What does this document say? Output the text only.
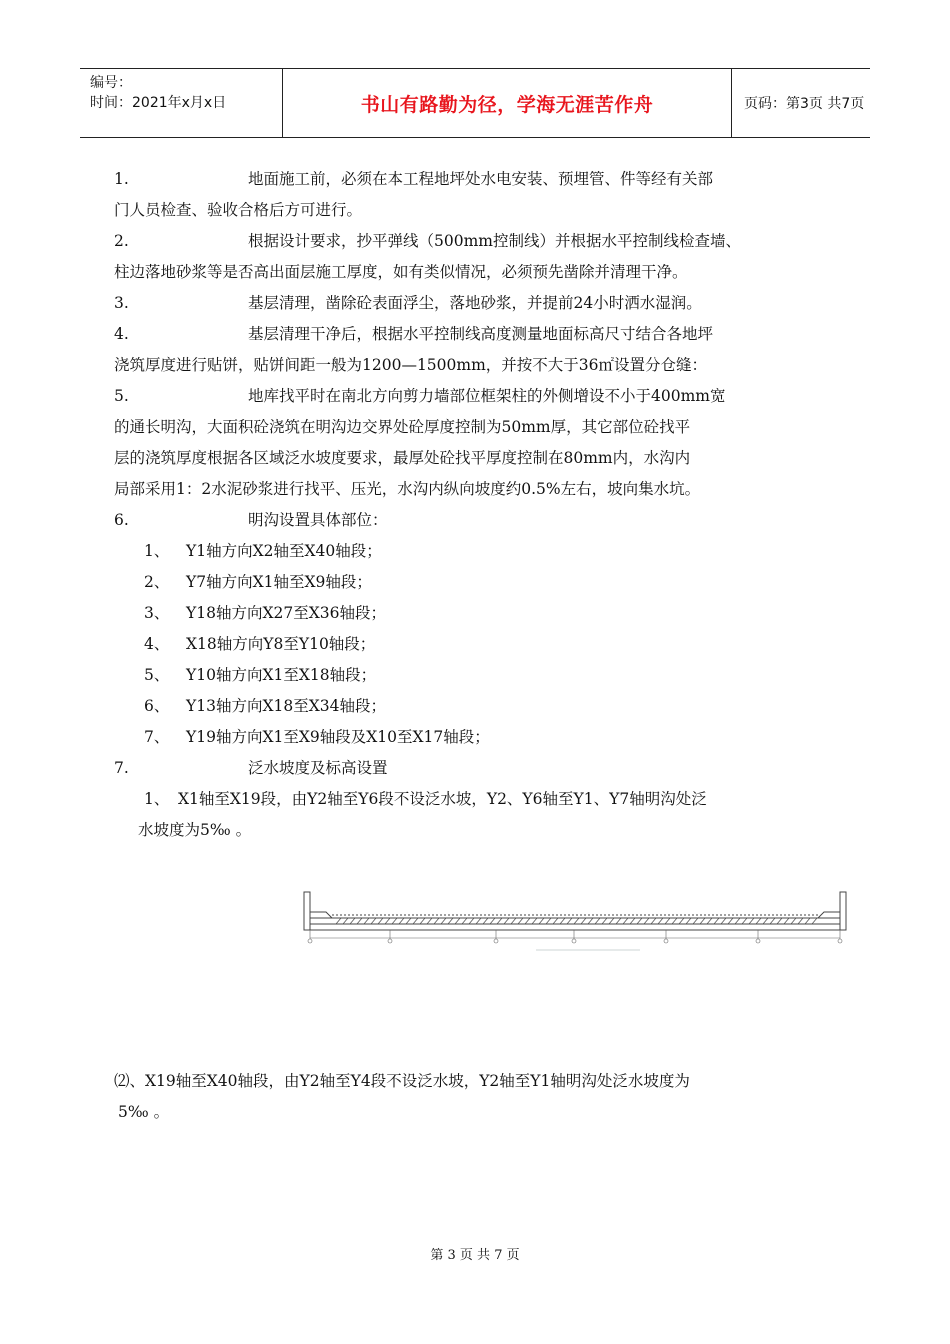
编号：
时间：2021年x月x日	书山有路勤为径，学海无涯苦作舟	页码：第3页 共7页
1.	地面施工前，必须在本工程地坪处水电安装、预埋管、件等经有关部
门人员检查、验收合格后方可进行。
2.	根据设计要求，抄平弹线（500mm控制线）并根据水平控制线检查墙、
柱边落地砂浆等是否高出面层施工厚度，如有类似情况，必须预先凿除并清理干净。
3.	基层清理，凿除砼表面浮尘，落地砂浆，并提前24小时洒水湿润。
4.	基层清理干净后，根据水平控制线高度测量地面标高尺寸结合各地坪
浇筑厚度进行贴饼，贴饼间距一般为1200—1500mm，并按不大于36㎡设置分仓缝：
5.	地库找平时在南北方向剪力墙部位框架柱的外侧增设不小于400mm宽
的通长明沟，大面积砼浇筑在明沟边交界处砼厚度控制为50mm厚，其它部位砼找平
层的浇筑厚度根据各区域泛水坡度要求，最厚处砼找平厚度控制在80mm内，水沟内
局部采用1：2水泥砂浆进行找平、压光，水沟内纵向坡度约0.5%左右，坡向集水坑。
6.	明沟设置具体部位：
1、 Y1轴方向X2轴至X40轴段；
2、 Y7轴方向X1轴至X9轴段；
3、 Y18轴方向X27至X36轴段；
4、 X18轴方向Y8至Y10轴段；
5、 Y10轴方向X1至X18轴段；
6、 Y13轴方向X18至X34轴段；
7、 Y19轴方向X1至X9轴段及X10至X17轴段；
7.	泛水坡度及标高设置
1、 X1轴至X19段，由Y2轴至Y6段不设泛水坡，Y2、Y6轴至Y1、Y7轴明沟处泛
水坡度为5‰ 。
⑵、X19轴至X40轴段，由Y2轴至Y4段不设泛水坡，Y2轴至Y1轴明沟处泛水坡度为
5‰ 。
第 3 页 共 7 页
